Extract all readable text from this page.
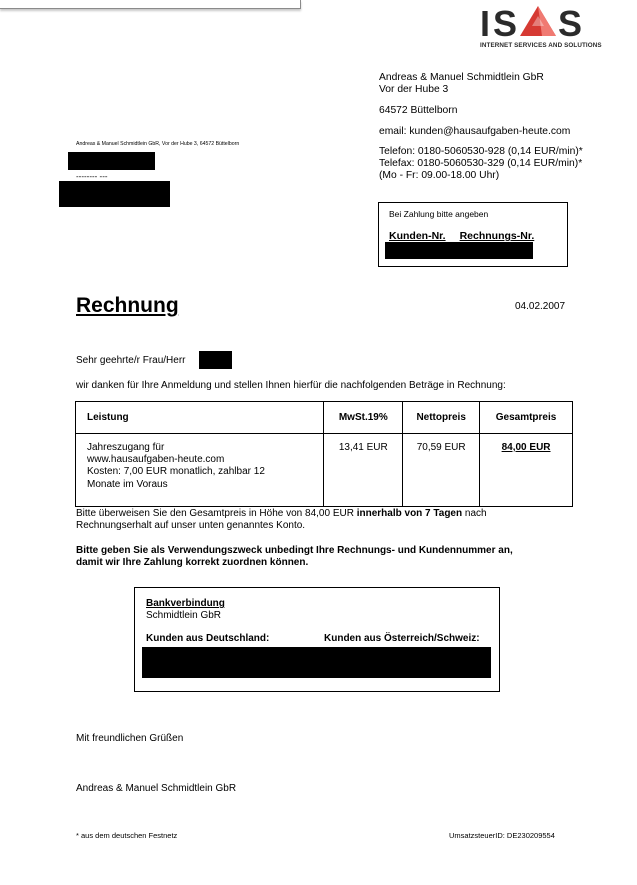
I S S
INTERNET SERVICES AND SOLUTIONS
Andreas & Manuel Schmidtlein GbR
Vor der Hube 3
64572 Büttelborn
email: kunden@hausaufgaben-heute.com
Telefon: 0180-5060530-928 (0,14 EUR/min)*
Telefax: 0180-5060530-329 (0,14 EUR/min)*
(Mo - Fr: 09.00-18.00 Uhr)
Andreas & Manuel Schmidtlein GbR, Vor der Hube 3, 64572 Büttelborn
-------- ---
Bei Zahlung bitte angeben
Kunden-Nr. Rechnungs-Nr.
Rechnung	04.02.2007
Sehr geehrte/r Frau/Herr
wir danken für Ihre Anmeldung und stellen Ihnen hierfür die nachfolgenden Beträge in Rechnung:
Leistung	MwSt.19%	Nettopreis	Gesamtpreis

Jahreszugang für
www.hausaufgaben-heute.com
Kosten: 7,00 EUR monatlich, zahlbar 12
Monate im Voraus	13,41 EUR	70,59 EUR	84,00 EUR
Bitte überweisen Sie den Gesamtpreis in Höhe von 84,00 EUR innerhalb von 7 Tagen nach
Rechnungserhalt auf unser unten genanntes Konto.
Bitte geben Sie als Verwendungszweck unbedingt Ihre Rechnungs- und Kundennummer an,
damit wir Ihre Zahlung korrekt zuordnen können.
Bankverbindung
Schmidtlein GbR
Kunden aus Deutschland:	Kunden aus Österreich/Schweiz:
Mit freundlichen Grüßen
Andreas & Manuel Schmidtlein GbR
* aus dem deutschen Festnetz	UmsatzsteuerID: DE230209554
